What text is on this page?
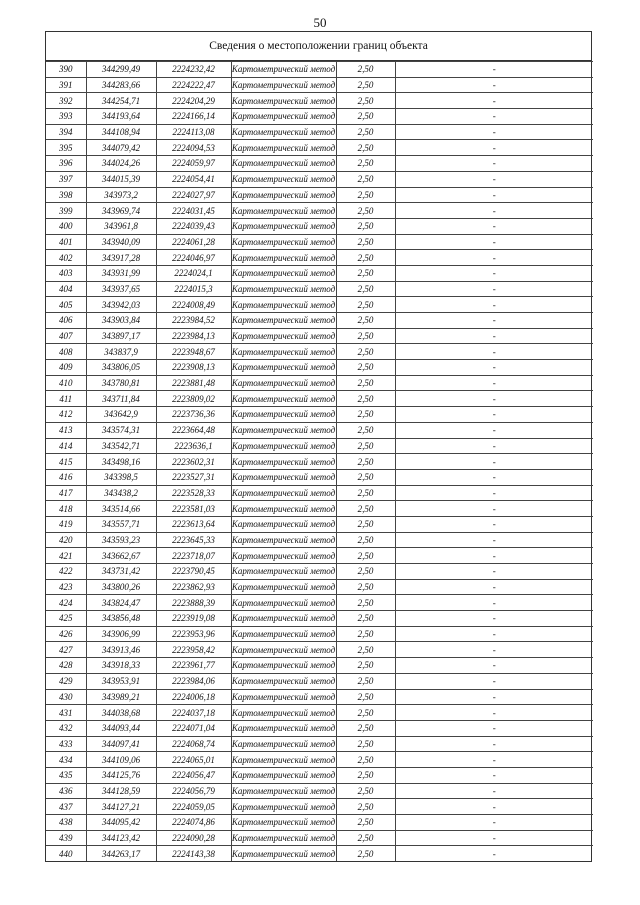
50
Сведения о местоположении границ объекта
390	344299,49	2224232,42	Картометрический метод	2,50	-
391	344283,66	2224222,47	Картометрический метод	2,50	-
392	344254,71	2224204,29	Картометрический метод	2,50	-
393	344193,64	2224166,14	Картометрический метод	2,50	-
394	344108,94	2224113,08	Картометрический метод	2,50	-
395	344079,42	2224094,53	Картометрический метод	2,50	-
396	344024,26	2224059,97	Картометрический метод	2,50	-
397	344015,39	2224054,41	Картометрический метод	2,50	-
398	343973,2	2224027,97	Картометрический метод	2,50	-
399	343969,74	2224031,45	Картометрический метод	2,50	-
400	343961,8	2224039,43	Картометрический метод	2,50	-
401	343940,09	2224061,28	Картометрический метод	2,50	-
402	343917,28	2224046,97	Картометрический метод	2,50	-
403	343931,99	2224024,1	Картометрический метод	2,50	-
404	343937,65	2224015,3	Картометрический метод	2,50	-
405	343942,03	2224008,49	Картометрический метод	2,50	-
406	343903,84	2223984,52	Картометрический метод	2,50	-
407	343897,17	2223984,13	Картометрический метод	2,50	-
408	343837,9	2223948,67	Картометрический метод	2,50	-
409	343806,05	2223908,13	Картометрический метод	2,50	-
410	343780,81	2223881,48	Картометрический метод	2,50	-
411	343711,84	2223809,02	Картометрический метод	2,50	-
412	343642,9	2223736,36	Картометрический метод	2,50	-
413	343574,31	2223664,48	Картометрический метод	2,50	-
414	343542,71	2223636,1	Картометрический метод	2,50	-
415	343498,16	2223602,31	Картометрический метод	2,50	-
416	343398,5	2223527,31	Картометрический метод	2,50	-
417	343438,2	2223528,33	Картометрический метод	2,50	-
418	343514,66	2223581,03	Картометрический метод	2,50	-
419	343557,71	2223613,64	Картометрический метод	2,50	-
420	343593,23	2223645,33	Картометрический метод	2,50	-
421	343662,67	2223718,07	Картометрический метод	2,50	-
422	343731,42	2223790,45	Картометрический метод	2,50	-
423	343800,26	2223862,93	Картометрический метод	2,50	-
424	343824,47	2223888,39	Картометрический метод	2,50	-
425	343856,48	2223919,08	Картометрический метод	2,50	-
426	343906,99	2223953,96	Картометрический метод	2,50	-
427	343913,46	2223958,42	Картометрический метод	2,50	-
428	343918,33	2223961,77	Картометрический метод	2,50	-
429	343953,91	2223984,06	Картометрический метод	2,50	-
430	343989,21	2224006,18	Картометрический метод	2,50	-
431	344038,68	2224037,18	Картометрический метод	2,50	-
432	344093,44	2224071,04	Картометрический метод	2,50	-
433	344097,41	2224068,74	Картометрический метод	2,50	-
434	344109,06	2224065,01	Картометрический метод	2,50	-
435	344125,76	2224056,47	Картометрический метод	2,50	-
436	344128,59	2224056,79	Картометрический метод	2,50	-
437	344127,21	2224059,05	Картометрический метод	2,50	-
438	344095,42	2224074,86	Картометрический метод	2,50	-
439	344123,42	2224090,28	Картометрический метод	2,50	-
440	344263,17	2224143,38	Картометрический метод	2,50	-
